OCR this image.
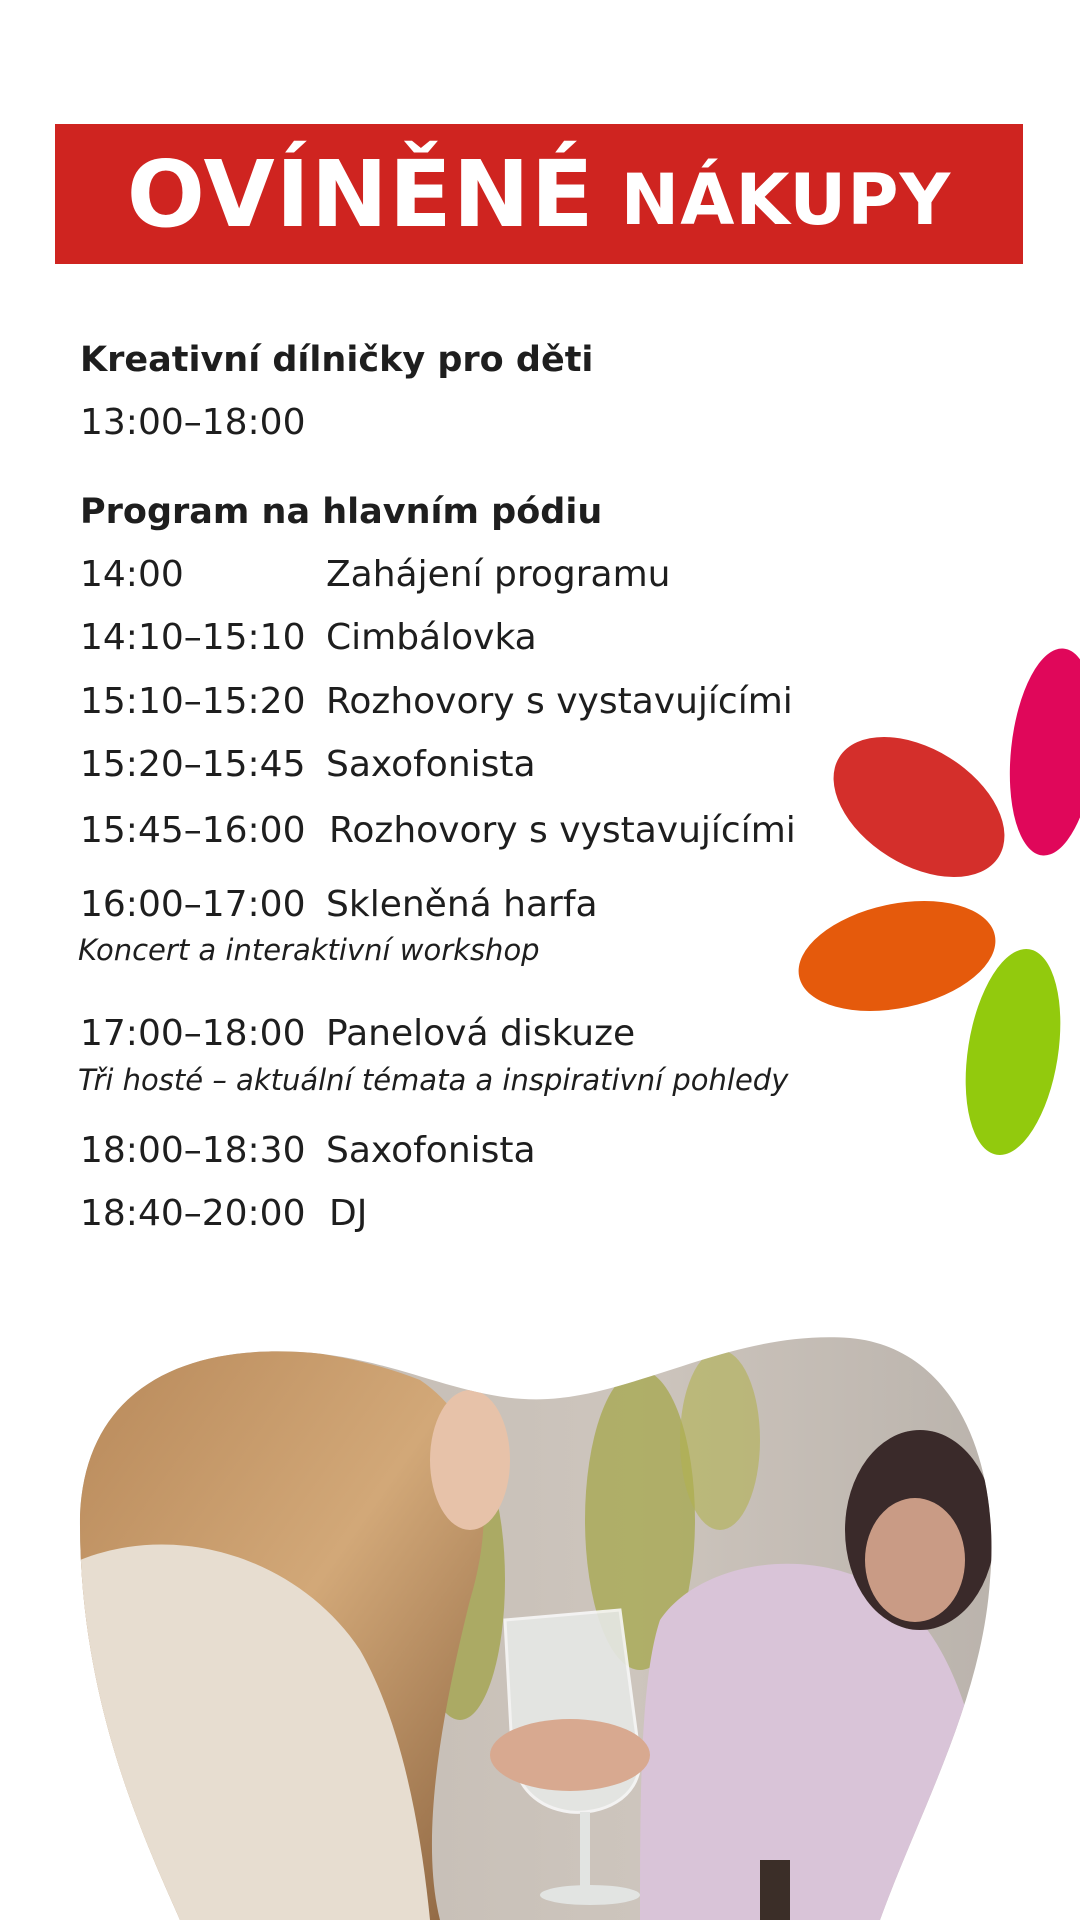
OVÍNĚNÉ NÁKUPY
Kreativní dílničky pro děti
13:00–18:00
Program na hlavním pódiu
14:00	Zahájení programu
14:10–15:10 Cimbálovka
15:10–15:20 Rozhovory s vystavujícími
15:20–15:45 Saxofonista
15:45–16:00 Rozhovory s vystavujícími
16:00–17:00 Skleněná harfa
Koncert a interaktivní workshop
17:00–18:00 Panelová diskuze
Tři hosté – aktuální témata a inspirativní pohledy
18:00–18:30 Saxofonista
18:40–20:00 DJ
